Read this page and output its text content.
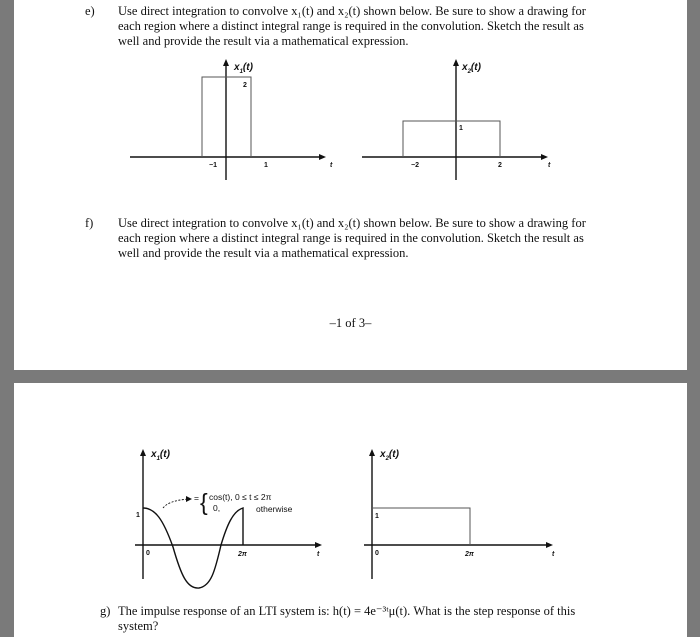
e) Use direct integration to convolve x₁(t) and x₂(t) shown below. Be sure to show a drawing for
each region where a distinct integral range is required in the convolution. Sketch the result as
well and provide the result via a mathematical expression.
2
$x_1(t)$
−1	1	t
1
$x_2(t)$
−2	2	t
f) Use direct integration to convolve x₁(t) and x₂(t) shown below. Be sure to show a drawing for
each region where a distinct integral range is required in the convolution. Sketch the result as
well and provide the result via a mathematical expression.
–1 of 3–
= { cos(t), 0 ≤ t ≤ 2π
0,	otherwise
1
0	2π	t
$x_1(t)$
1
0	2π	t
$x_2(t)$
g) The impulse response of an LTI system is: h(t) = 4e⁻³ᵗμ(t). What is the step response of this
system?
